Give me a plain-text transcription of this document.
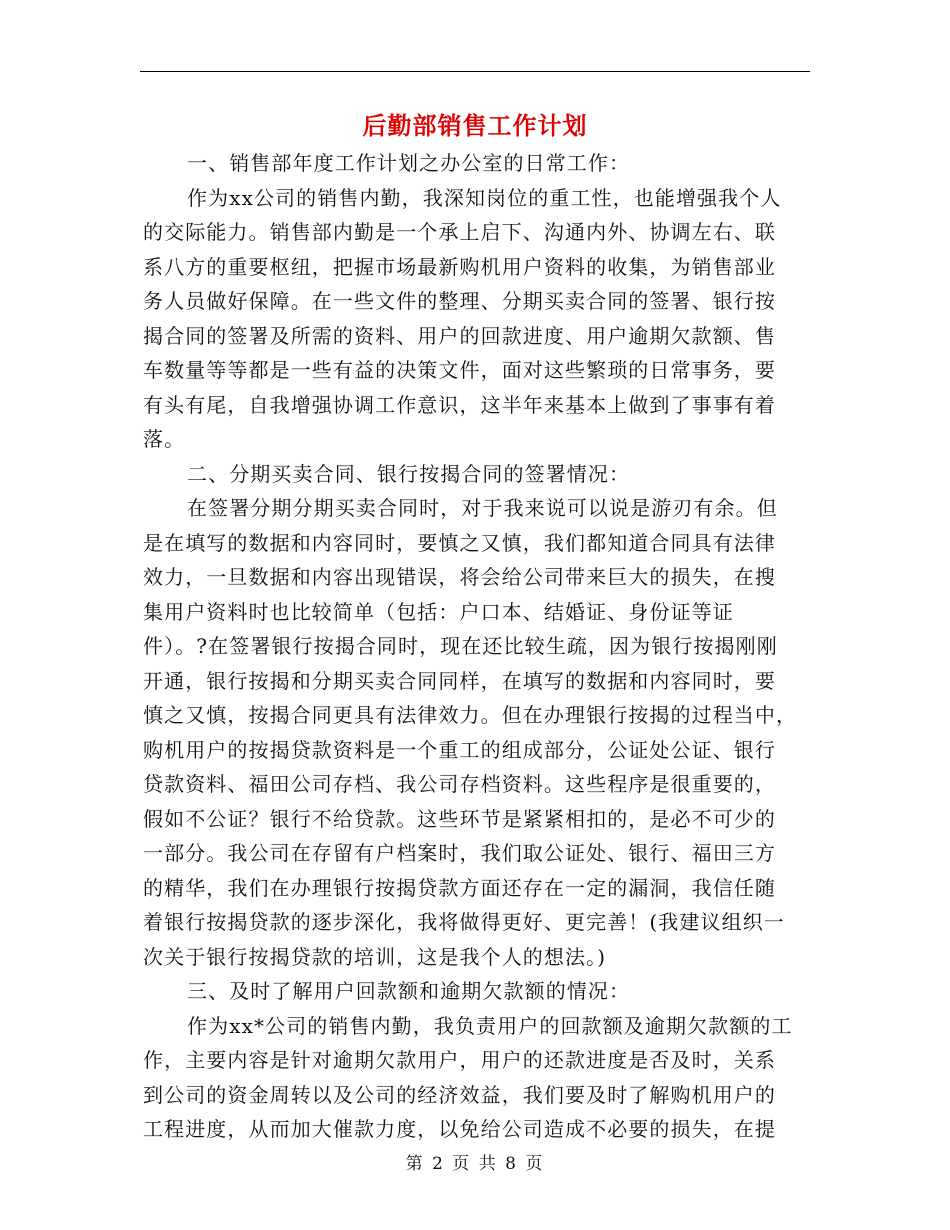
后勤部销售工作计划

一、销售部年度工作计划之办公室的日常工作：

作为xx公司的销售内勤，我深知岗位的重工性，也能增强我个人

的交际能力。销售部内勤是一个承上启下、沟通内外、协调左右、联

系八方的重要枢纽，把握市场最新购机用户资料的收集，为销售部业

务人员做好保障。在一些文件的整理、分期买卖合同的签署、银行按

揭合同的签署及所需的资料、用户的回款进度、用户逾期欠款额、售

车数量等等都是一些有益的决策文件，面对这些繁琐的日常事务，要

有头有尾，自我增强协调工作意识，这半年来基本上做到了事事有着

落。

二、分期买卖合同、银行按揭合同的签署情况：

在签署分期分期买卖合同时，对于我来说可以说是游刃有余。但

是在填写的数据和内容同时，要慎之又慎，我们都知道合同具有法律

效力，一旦数据和内容出现错误，将会给公司带来巨大的损失，在搜

集用户资料时也比较简单（包括：户口本、结婚证、身份证等证

件）。?在签署银行按揭合同时，现在还比较生疏，因为银行按揭刚刚

开通，银行按揭和分期买卖合同同样，在填写的数据和内容同时，要

慎之又慎，按揭合同更具有法律效力。但在办理银行按揭的过程当中，

购机用户的按揭贷款资料是一个重工的组成部分，公证处公证、银行

贷款资料、福田公司存档、我公司存档资料。这些程序是很重要的，

假如不公证？银行不给贷款。这些环节是紧紧相扣的，是必不可少的

一部分。我公司在存留有户档案时，我们取公证处、银行、福田三方

的精华，我们在办理银行按揭贷款方面还存在一定的漏洞，我信任随

着银行按揭贷款的逐步深化，我将做得更好、更完善！(我建议组织一

次关于银行按揭贷款的培训，这是我个人的想法。)

三、及时了解用户回款额和逾期欠款额的情况：

作为xx*公司的销售内勤，我负责用户的回款额及逾期欠款额的工

作，主要内容是针对逾期欠款用户，用户的还款进度是否及时，关系

到公司的资金周转以及公司的经济效益，我们要及时了解购机用户的

工程进度，从而加大催款力度，以免给公司造成不必要的损失，在提

第 2 页 共 8 页
